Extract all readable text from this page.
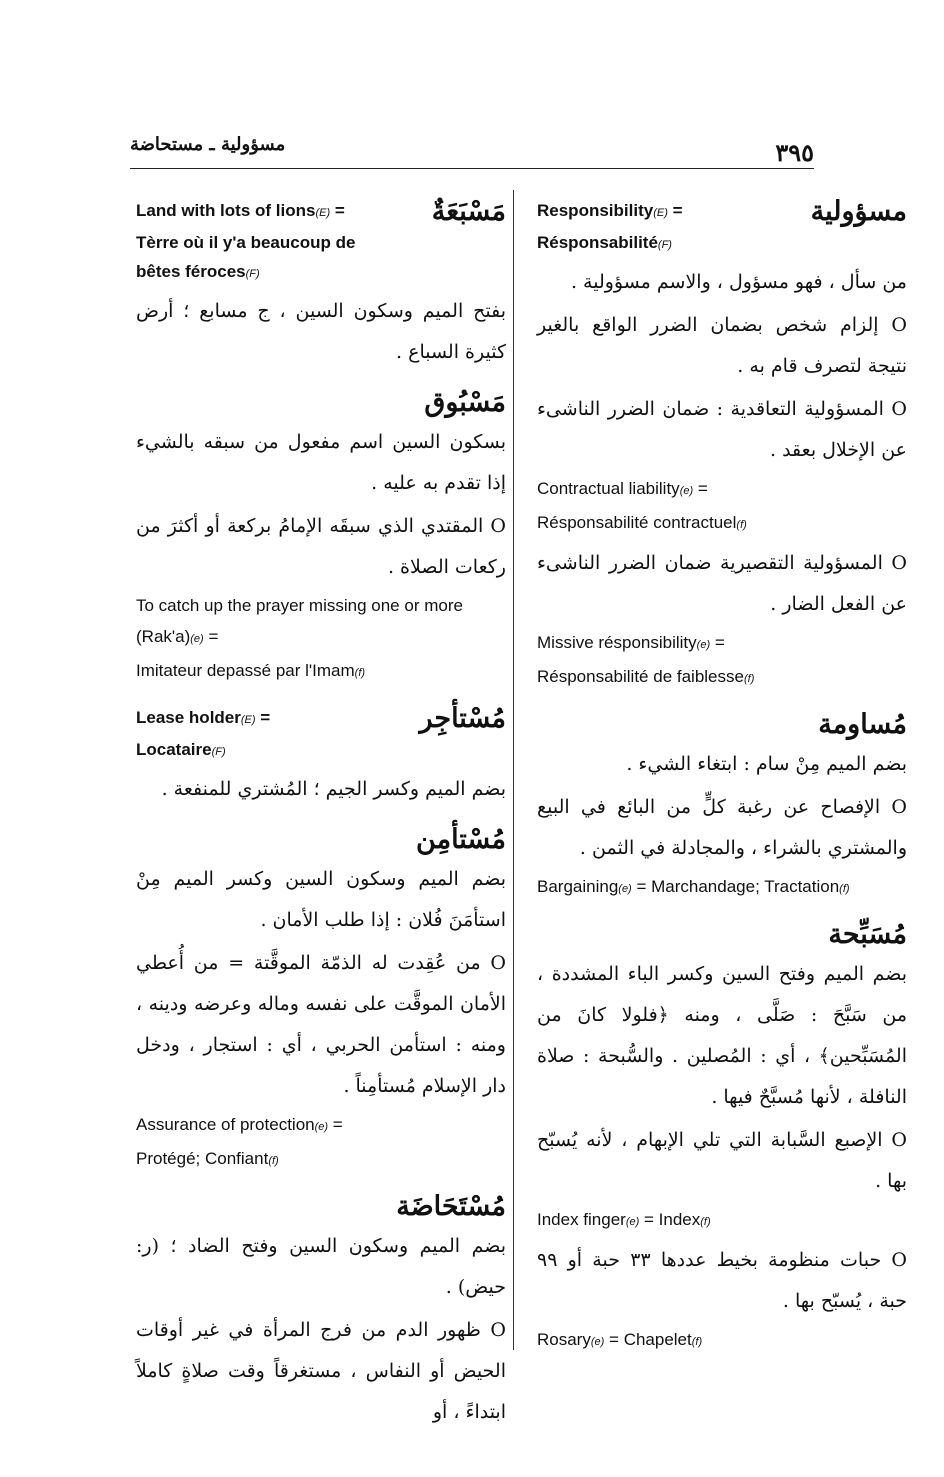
٣٩٥
مسؤولية ـ مستحاضة
مسؤولية
Responsibility(E) =
Résponsabilité(F)

من سأل ، فهو مسؤول ، والاسم مسؤولية .

O إلزام شخص بضمان الضرر الواقع بالغير نتيجة لتصرف قام به .

O المسؤولية التعاقدية : ضمان الضرر الناشىء عن الإخلال بعقد .

Contractual liability(e) =
Résponsabilité contractuel(f)

O المسؤولية التقصيرية ضمان الضرر الناشىء عن الفعل الضار .

Missive résponsibility(e) =
Résponsabilité de faiblesse(f)
مُساومة

بضم الميم مِنْ سام : ابتغاء الشيء .

O الإفصاح عن رغبة كلٍّ من البائع في البيع والمشتري بالشراء ، والمجادلة في الثمن .

Bargaining(e) = Marchandage; Tractation(f)
مُسَبِّحة

بضم الميم وفتح السين وكسر الباء المشددة ، من سَبَّحَ : صَلَّى ، ومنه ﴿فلولا كانَ من المُسَبِّحين﴾ ، أي : المُصلين . والسُّبحة : صلاة النافلة ، لأنها مُسبَّحٌ فيها .

O الإصبع السَّبابة التي تلي الإبهام ، لأنه يُسبّح بها .

Index finger(e) = Index(f)

O حبات منظومة بخيط عددها ٣٣ حبة أو ٩٩ حبة ، يُسبّح بها .

Rosary(e) = Chapelet(f)
مَسْبَعَةٌ
Land with lots of lions(E) =
Tèrre où il y'a beaucoup de bêtes féroces(F)

بفتح الميم وسكون السين ، ج مسابع ؛ أرض كثيرة السباع .

مَسْبُوق

بسكون السين اسم مفعول من سبقه بالشيء إذا تقدم به عليه .

O المقتدي الذي سبقَه الإمامُ بركعة أو أكثرَ من ركعات الصلاة .

To catch up the prayer missing one or more (Rak'a)(e) =
Imitateur depassé par l'Imam(f)
مُسْتأجِر
Lease holder(E) =
Locataire(F)

بضم الميم وكسر الجيم ؛ المُشتري للمنفعة .

مُسْتأمِن

بضم الميم وسكون السين وكسر الميم مِنْ استأمَنَ فُلان : إذا طلب الأمان .

O من عُقِدت له الذمّة الموقَّتة = من أُعطي الأمان الموقَّت على نفسه وماله وعرضه ودينه ، ومنه : استأمن الحربي ، أي : استجار ، ودخل دار الإسلام مُستأمِناً .

Assurance of protection(e) =
Protégé; Confiant(f)
مُسْتَحَاضَة

بضم الميم وسكون السين وفتح الضاد ؛ (ر: حيض) .

O ظهور الدم من فرج المرأة في غير أوقات الحيض أو النفاس ، مستغرقاً وقت صلاةٍ كاملاً ابتداءً ، أو
